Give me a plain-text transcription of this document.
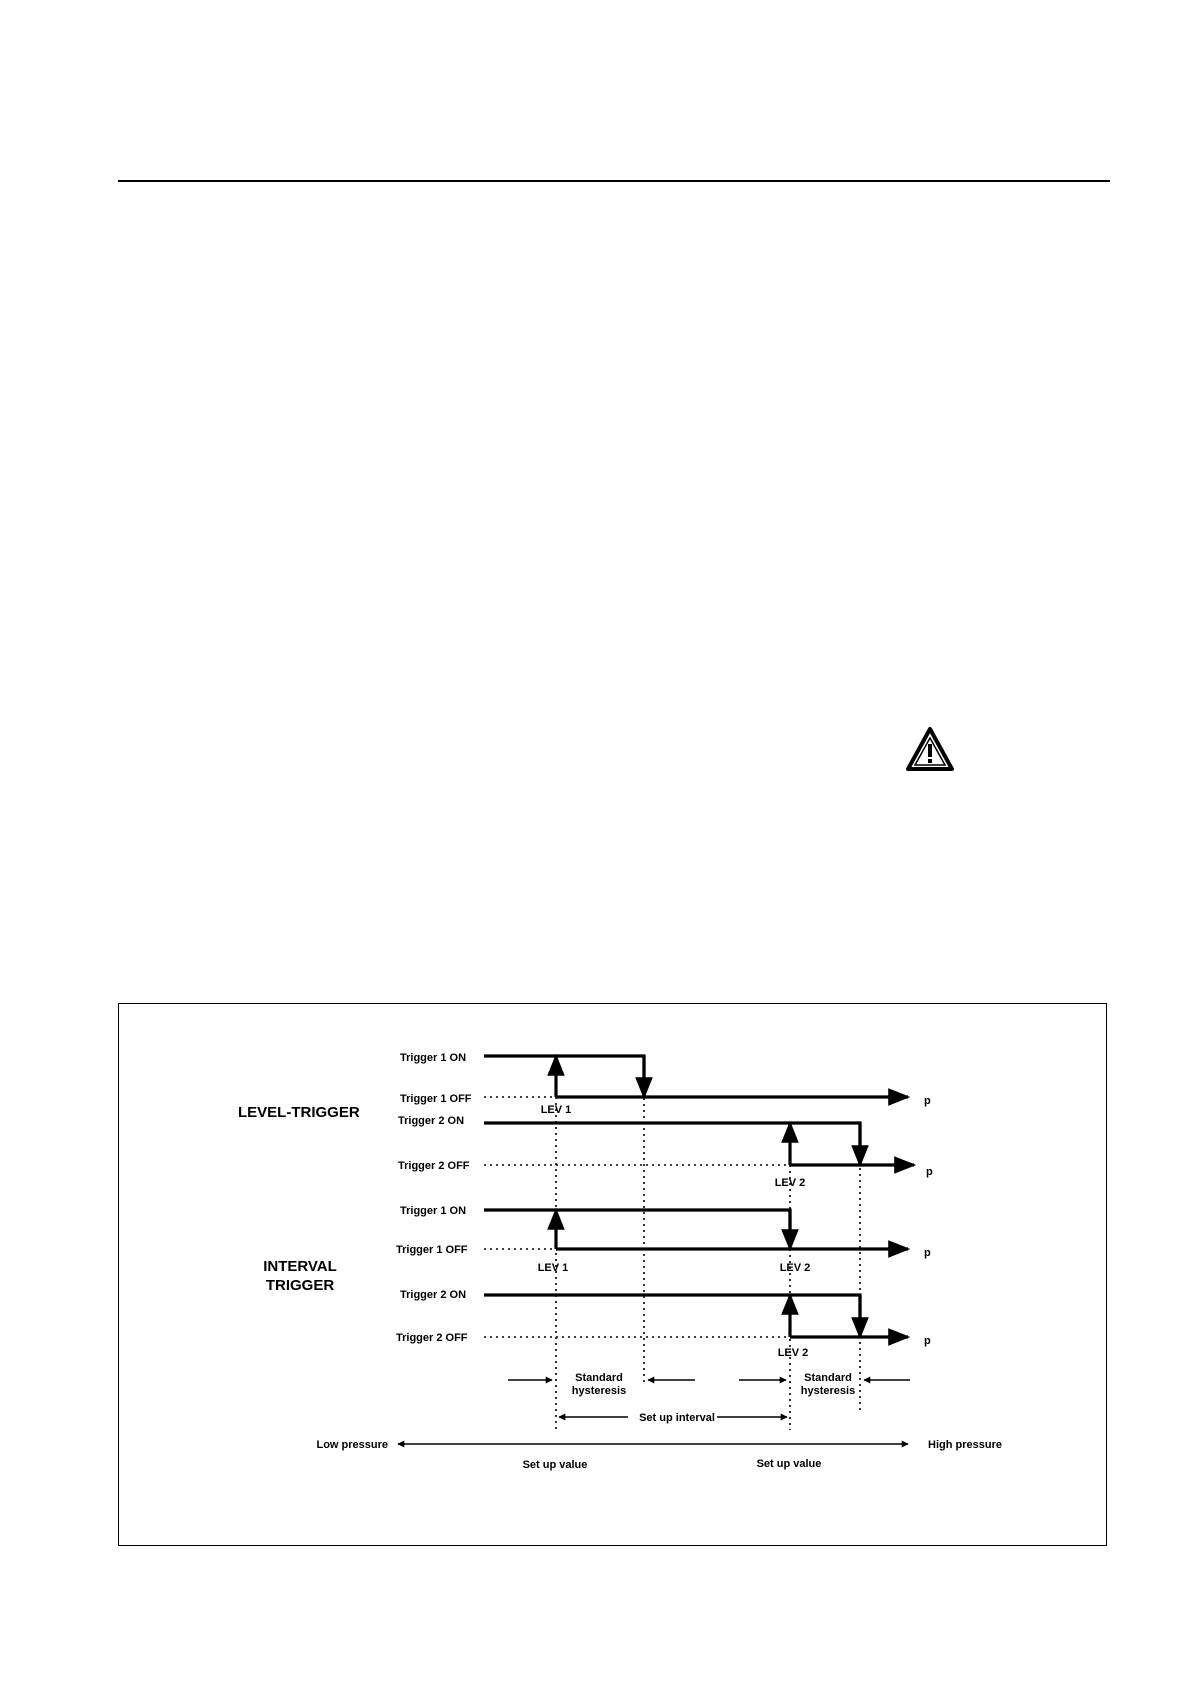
LEVEL-TRIGGER
INTERVAL
TRIGGER
Trigger 1 ON
Trigger 1 OFF
Trigger 2 ON
Trigger 2 OFF
Trigger 1 ON
Trigger 1 OFF
Trigger 2 ON
Trigger 2 OFF
LEV 1
LEV 2
LEV 1	LEV 2
LEV 2
p
p
p
p
Standard
hysteresis
Standard
hysteresis
Set up interval
Low pressure	High pressure
Set up value	Set up value
